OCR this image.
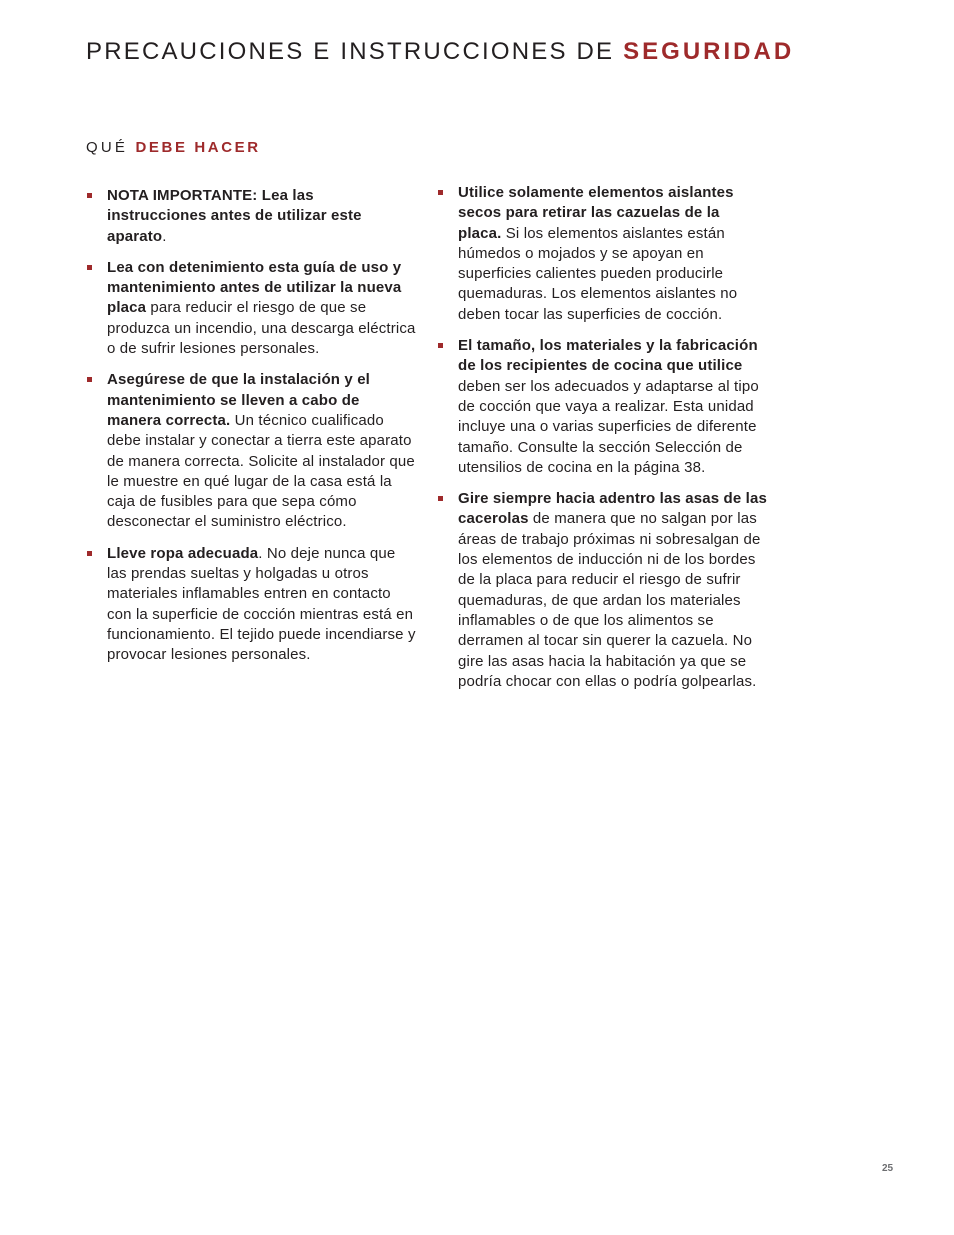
PRECAUCIONES E INSTRUCCIONES DE SEGURIDAD
QUÉ DEBE HACER
NOTA IMPORTANTE: Lea las instrucciones antes de utilizar este aparato.
Lea con detenimiento esta guía de uso y mantenimiento antes de utilizar la nueva placa para reducir el riesgo de que se produzca un incendio, una descarga eléctrica o de sufrir lesiones personales.
Asegúrese de que la instalación y el mantenimiento se lleven a cabo de manera correcta. Un técnico cualificado debe instalar y conectar a tierra este aparato de manera correcta. Solicite al instalador que le muestre en qué lugar de la casa está la caja de fusibles para que sepa cómo desconectar el suministro eléctrico.
Lleve ropa adecuada. No deje nunca que las prendas sueltas y holgadas u otros materiales inflamables entren en contacto con la superficie de cocción mientras está en funcionamiento. El tejido puede incendiarse y provocar lesiones personales.
Utilice solamente elementos aislantes secos para retirar las cazuelas de la placa. Si los elementos aislantes están húmedos o mojados y se apoyan en superficies calientes pueden producirle quemaduras. Los elementos aislantes no deben tocar las superficies de cocción.
El tamaño, los materiales y la fabricación de los recipientes de cocina que utilice deben ser los adecuados y adaptarse al tipo de cocción que vaya a realizar. Esta unidad incluye una o varias superficies de diferente tamaño. Consulte la sección Selección de utensilios de cocina en la página 38.
Gire siempre hacia adentro las asas de las cacerolas de manera que no salgan por las áreas de trabajo próximas ni sobresalgan de los elementos de inducción ni de los bordes de la placa para reducir el riesgo de sufrir quemaduras, de que ardan los materiales inflamables o de que los alimentos se derramen al tocar sin querer la cazuela. No gire las asas hacia la habitación ya que se podría chocar con ellas o podría golpearlas.
25
